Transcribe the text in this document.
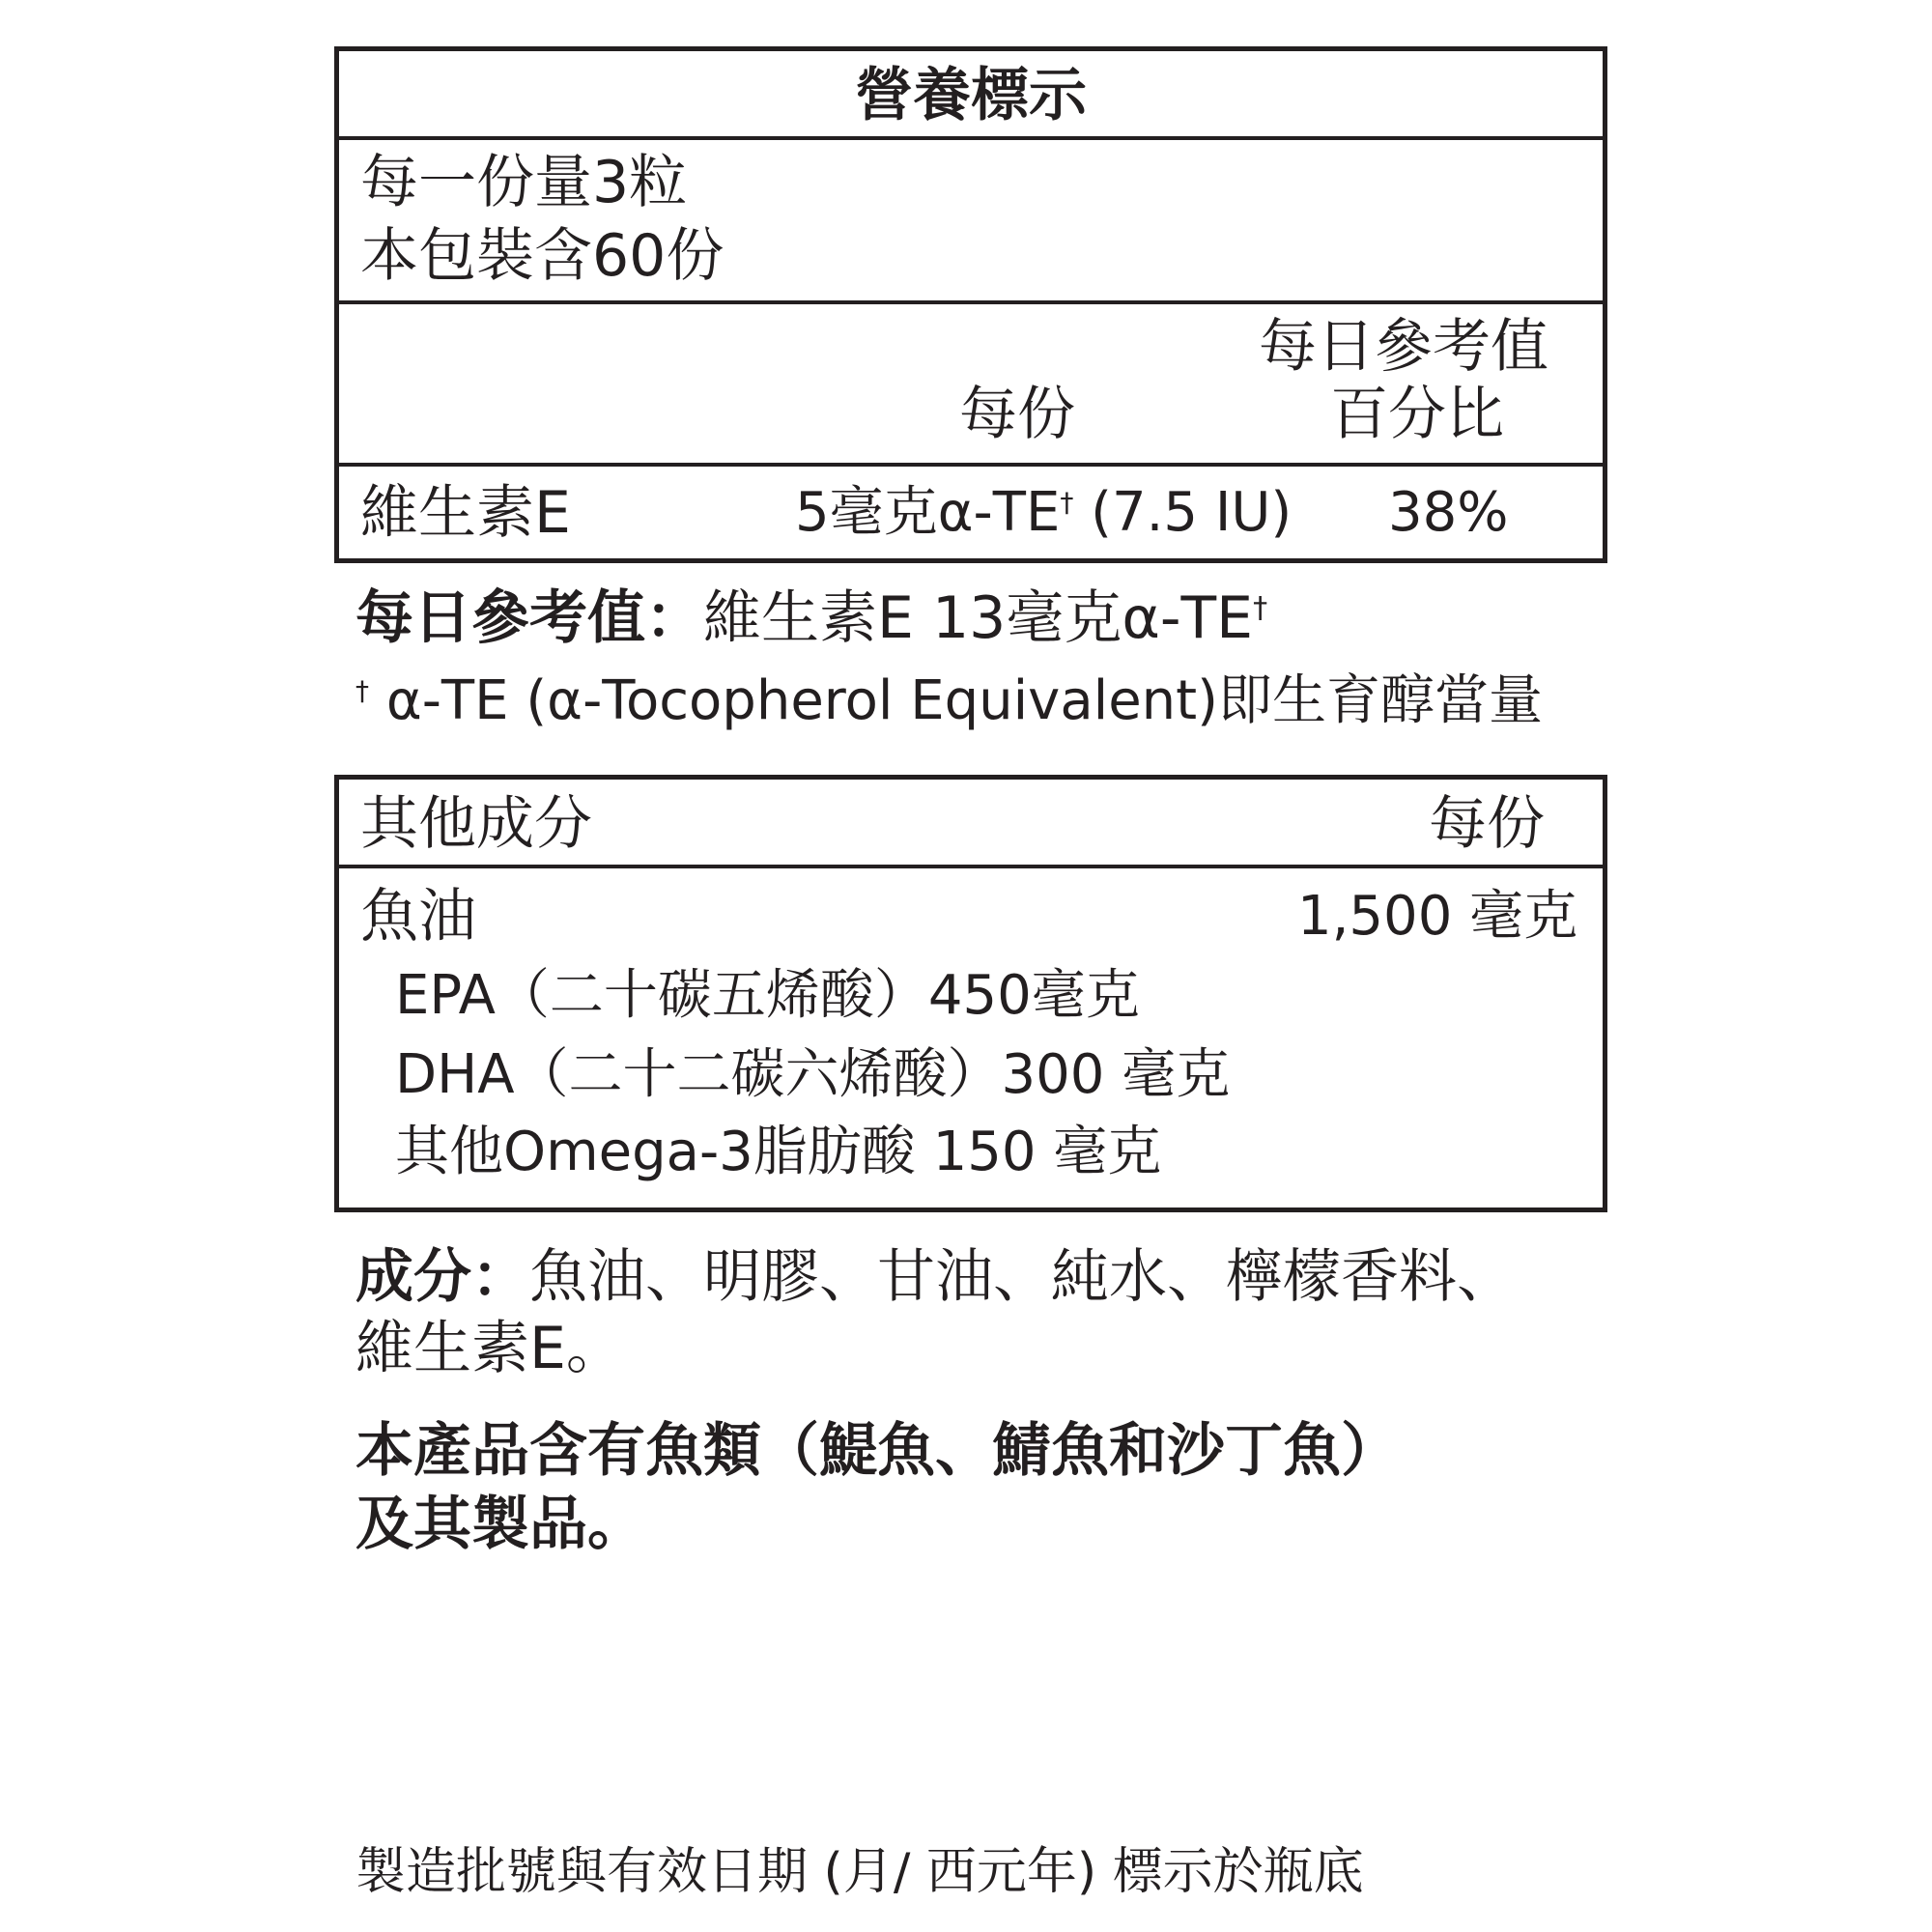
營養標示
每一份量3粒
本包裝含60份
每日參考值
每份	百分比
維生素E	5毫克α-TE† (7.5 IU) 38%
每日參考值：維生素E 13毫克α-TE†
† α-TE (α-Tocopherol Equivalent)即生育醇當量
其他成分	每份
魚油	1,500 毫克
EPA（二十碳五烯酸）450毫克
DHA（二十二碳六烯酸）300 毫克
其他Omega-3脂肪酸 150 毫克
成分：魚油、明膠、甘油、純水、檸檬香料、
維生素E。
本產品含有魚類（鯷魚、鯖魚和沙丁魚）
及其製品。
製造批號與有效日期 (月/ 西元年) 標示於瓶底
